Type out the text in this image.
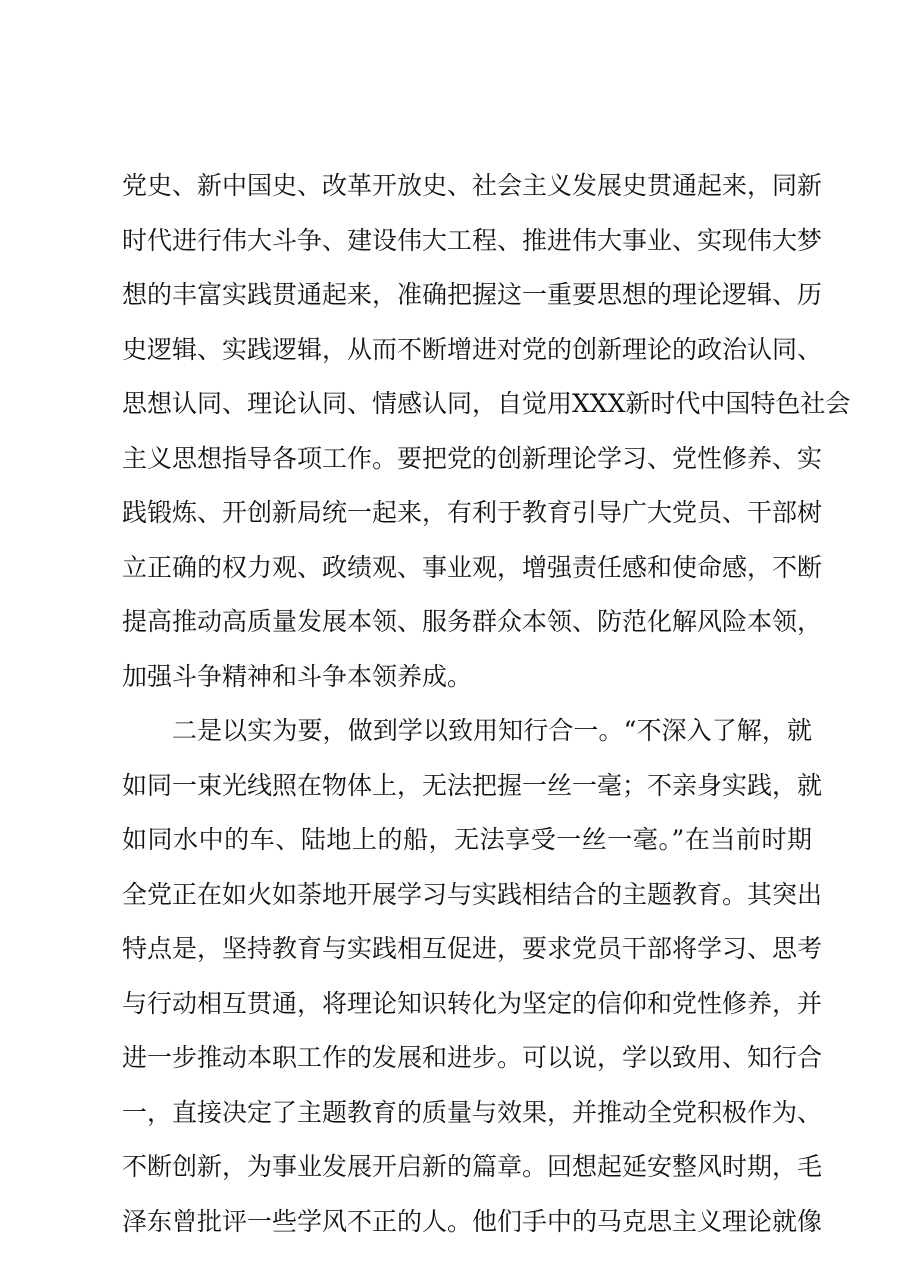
党史、新中国史、改革开放史、社会主义发展史贯通起来，同新
时代进行伟大斗争、建设伟大工程、推进伟大事业、实现伟大梦
想的丰富实践贯通起来，准确把握这一重要思想的理论逻辑、历
史逻辑、实践逻辑，从而不断增进对党的创新理论的政治认同、
思想认同、理论认同、情感认同，自觉用XXX新时代中国特色社会
主义思想指导各项工作。要把党的创新理论学习、党性修养、实
践锻炼、开创新局统一起来，有利于教育引导广大党员、干部树
立正确的权力观、政绩观、事业观，增强责任感和使命感，不断
提高推动高质量发展本领、服务群众本领、防范化解风险本领，
加强斗争精神和斗争本领养成。
二是以实为要，做到学以致用知行合一。“不深入了解，就
如同一束光线照在物体上，无法把握一丝一毫；不亲身实践，就
如同水中的车、陆地上的船，无法享受一丝一毫。”在当前时期
全党正在如火如荼地开展学习与实践相结合的主题教育。其突出
特点是，坚持教育与实践相互促进，要求党员干部将学习、思考
与行动相互贯通，将理论知识转化为坚定的信仰和党性修养，并
进一步推动本职工作的发展和进步。可以说，学以致用、知行合
一，直接决定了主题教育的质量与效果，并推动全党积极作为、
不断创新，为事业发展开启新的篇章。回想起延安整风时期，毛
泽东曾批评一些学风不正的人。他们手中的马克思主义理论就像
